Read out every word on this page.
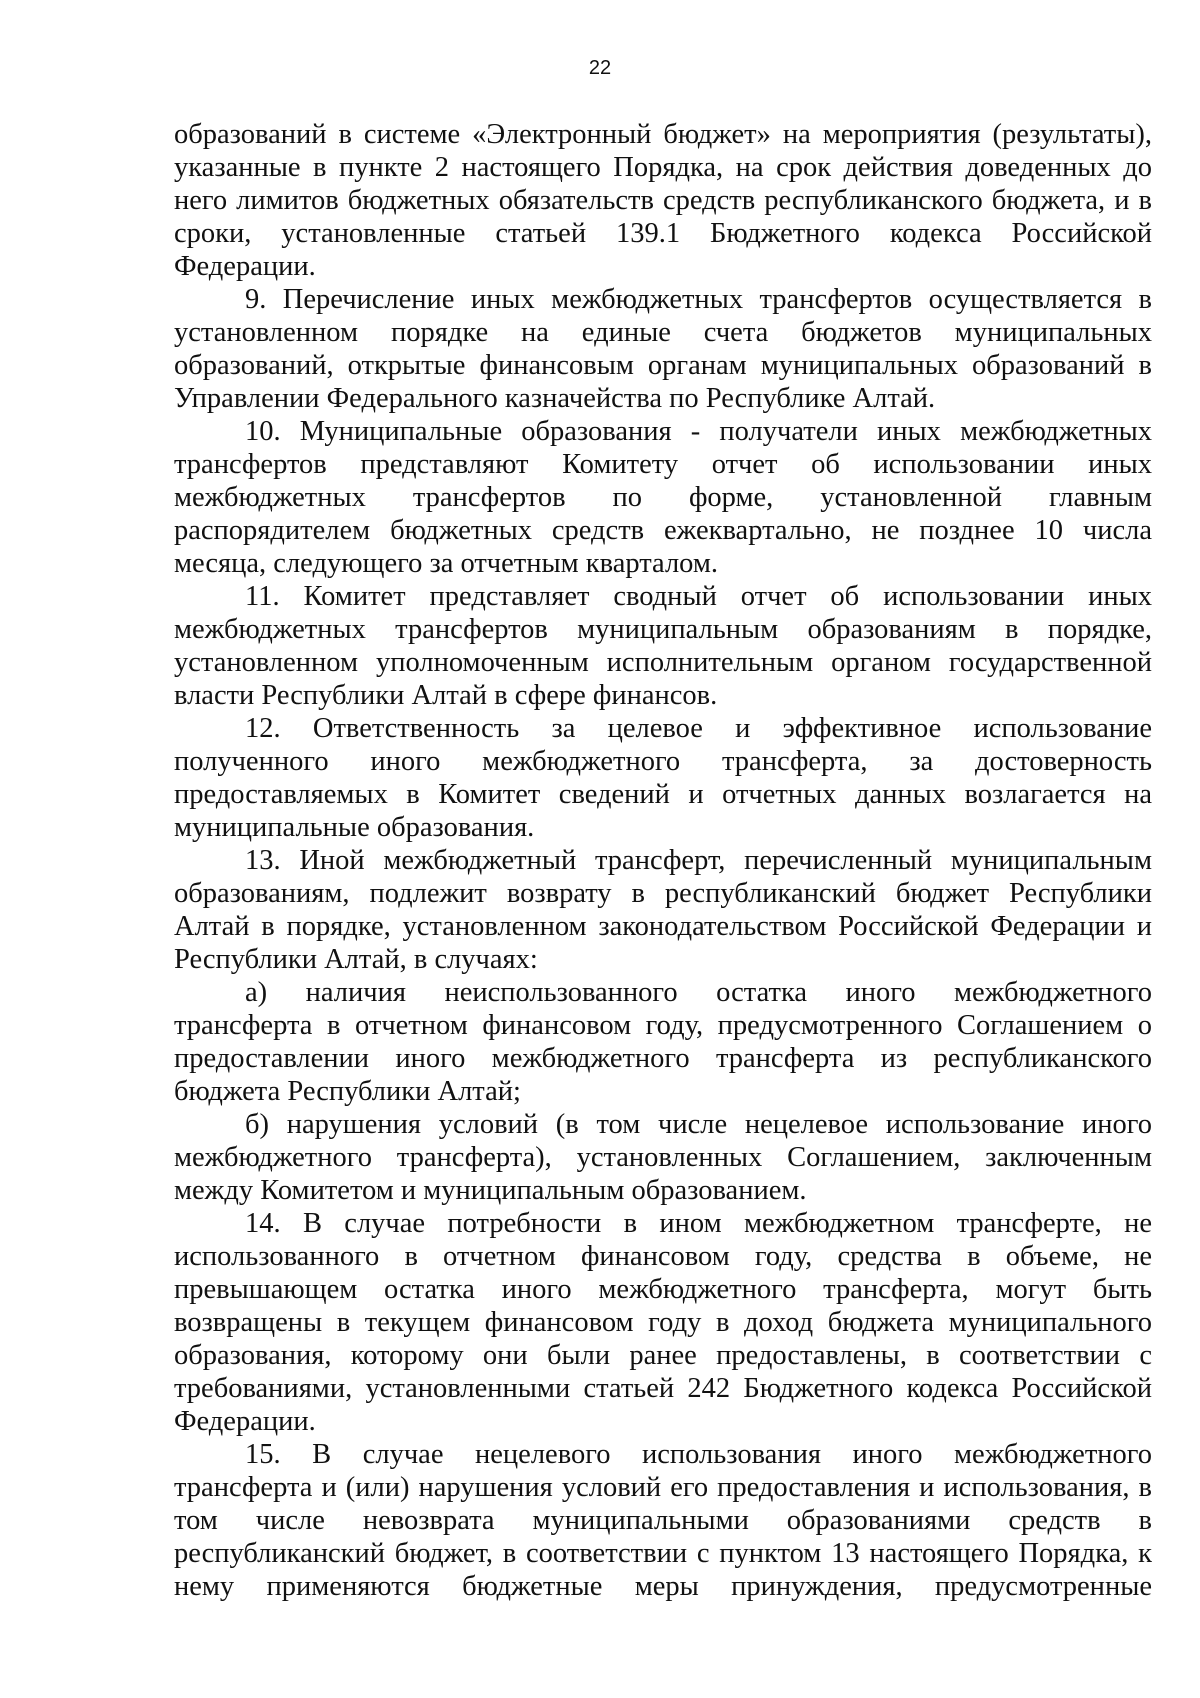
22
образований в системе «Электронный бюджет» на мероприятия (результаты),
указанные в пункте 2 настоящего Порядка, на срок действия доведенных до
него лимитов бюджетных обязательств средств республиканского бюджета, и в
сроки, установленные статьей 139.1 Бюджетного кодекса Российской
Федерации.
9. Перечисление иных межбюджетных трансфертов осуществляется в
установленном порядке на единые счета бюджетов муниципальных
образований, открытые финансовым органам муниципальных образований в
Управлении Федерального казначейства по Республике Алтай.
10. Муниципальные образования - получатели иных межбюджетных
трансфертов представляют Комитету отчет об использовании иных
межбюджетных трансфертов по форме, установленной главным
распорядителем бюджетных средств ежеквартально, не позднее 10 числа
месяца, следующего за отчетным кварталом.
11. Комитет представляет сводный отчет об использовании иных
межбюджетных трансфертов муниципальным образованиям в порядке,
установленном уполномоченным исполнительным органом государственной
власти Республики Алтай в сфере финансов.
12. Ответственность за целевое и эффективное использование
полученного иного межбюджетного трансферта, за достоверность
предоставляемых в Комитет сведений и отчетных данных возлагается на
муниципальные образования.
13. Иной межбюджетный трансферт, перечисленный муниципальным
образованиям, подлежит возврату в республиканский бюджет Республики
Алтай в порядке, установленном законодательством Российской Федерации и
Республики Алтай, в случаях:
а) наличия неиспользованного остатка иного межбюджетного
трансферта в отчетном финансовом году, предусмотренного Соглашением о
предоставлении иного межбюджетного трансферта из республиканского
бюджета Республики Алтай;
б) нарушения условий (в том числе нецелевое использование иного
межбюджетного трансферта), установленных Соглашением, заключенным
между Комитетом и муниципальным образованием.
14. В случае потребности в ином межбюджетном трансферте, не
использованного в отчетном финансовом году, средства в объеме, не
превышающем остатка иного межбюджетного трансферта, могут быть
возвращены в текущем финансовом году в доход бюджета муниципального
образования, которому они были ранее предоставлены, в соответствии с
требованиями, установленными статьей 242 Бюджетного кодекса Российской
Федерации.
15. В случае нецелевого использования иного межбюджетного
трансферта и (или) нарушения условий его предоставления и использования, в
том числе невозврата муниципальными образованиями средств в
республиканский бюджет, в соответствии с пунктом 13 настоящего Порядка, к
нему применяются бюджетные меры принуждения, предусмотренные
